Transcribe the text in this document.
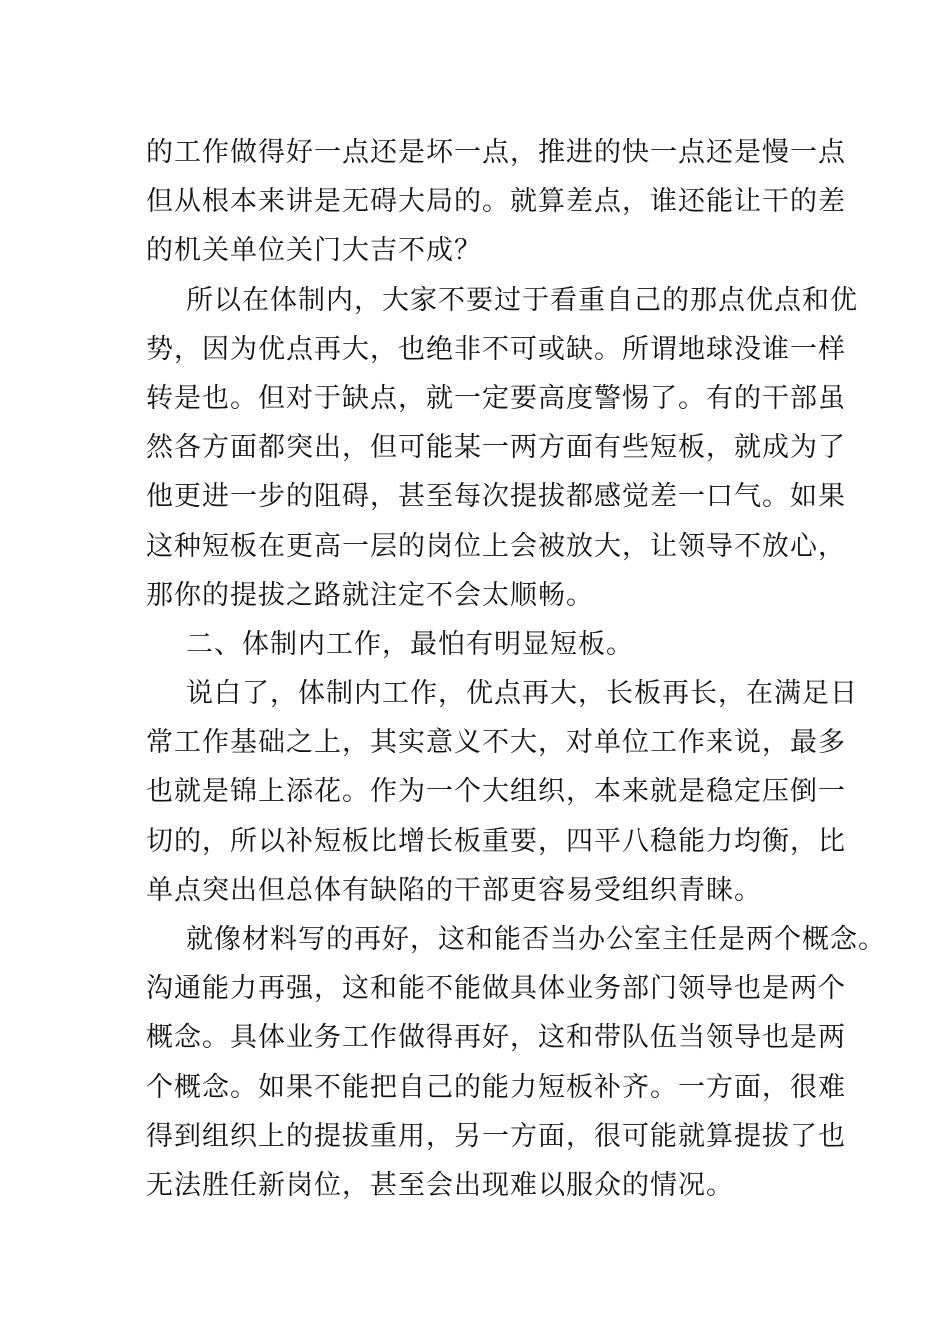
的工作做得好一点还是坏一点，推进的快一点还是慢一点
但从根本来讲是无碍大局的。就算差点，谁还能让干的差
的机关单位关门大吉不成？
所以在体制内，大家不要过于看重自己的那点优点和优
势，因为优点再大，也绝非不可或缺。所谓地球没谁一样
转是也。但对于缺点，就一定要高度警惕了。有的干部虽
然各方面都突出，但可能某一两方面有些短板，就成为了
他更进一步的阻碍，甚至每次提拔都感觉差一口气。如果
这种短板在更高一层的岗位上会被放大，让领导不放心，
那你的提拔之路就注定不会太顺畅。
二、体制内工作，最怕有明显短板。
说白了，体制内工作，优点再大，长板再长，在满足日
常工作基础之上，其实意义不大，对单位工作来说，最多
也就是锦上添花。作为一个大组织，本来就是稳定压倒一
切的，所以补短板比增长板重要，四平八稳能力均衡，比
单点突出但总体有缺陷的干部更容易受组织青睐。
就像材料写的再好，这和能否当办公室主任是两个概念。
沟通能力再强，这和能不能做具体业务部门领导也是两个
概念。具体业务工作做得再好，这和带队伍当领导也是两
个概念。如果不能把自己的能力短板补齐。一方面，很难
得到组织上的提拔重用，另一方面，很可能就算提拔了也
无法胜任新岗位，甚至会出现难以服众的情况。
